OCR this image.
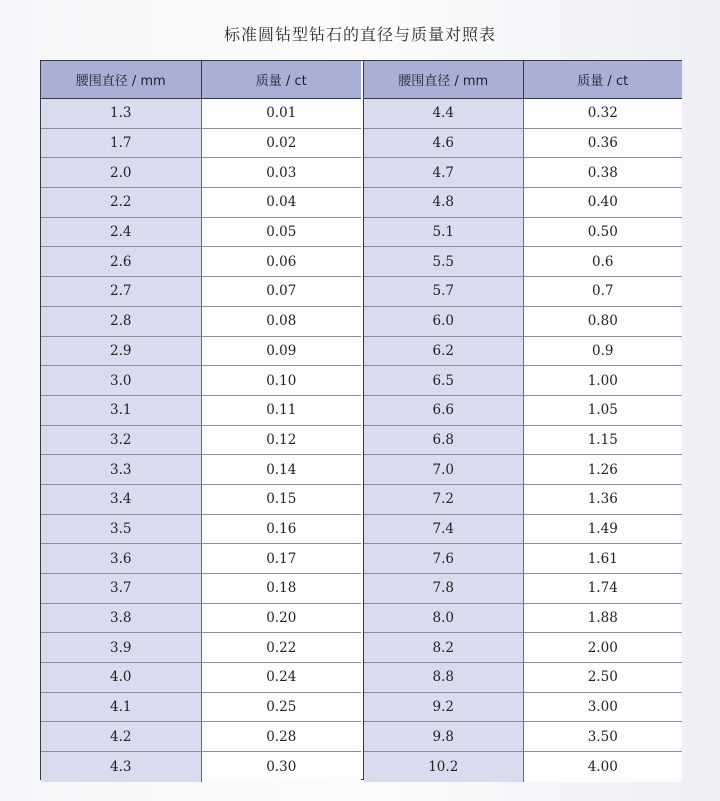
标准圆钻型钻石的直径与质量对照表
腰围直径 / mm	质量 / ct
1.3	0.01
1.7	0.02
2.0	0.03
2.2	0.04
2.4	0.05
2.6	0.06
2.7	0.07
2.8	0.08
2.9	0.09
3.0	0.10
3.1	0.11
3.2	0.12
3.3	0.14
3.4	0.15
3.5	0.16
3.6	0.17
3.7	0.18
3.8	0.20
3.9	0.22
4.0	0.24
4.1	0.25
4.2	0.28
4.3	0.30
腰围直径 / mm	质量 / ct
4.4	0.32
4.6	0.36
4.7	0.38
4.8	0.40
5.1	0.50
5.5	0.6
5.7	0.7
6.0	0.80
6.2	0.9
6.5	1.00
6.6	1.05
6.8	1.15
7.0	1.26
7.2	1.36
7.4	1.49
7.6	1.61
7.8	1.74
8.0	1.88
8.2	2.00
8.8	2.50
9.2	3.00
9.8	3.50
10.2	4.00
